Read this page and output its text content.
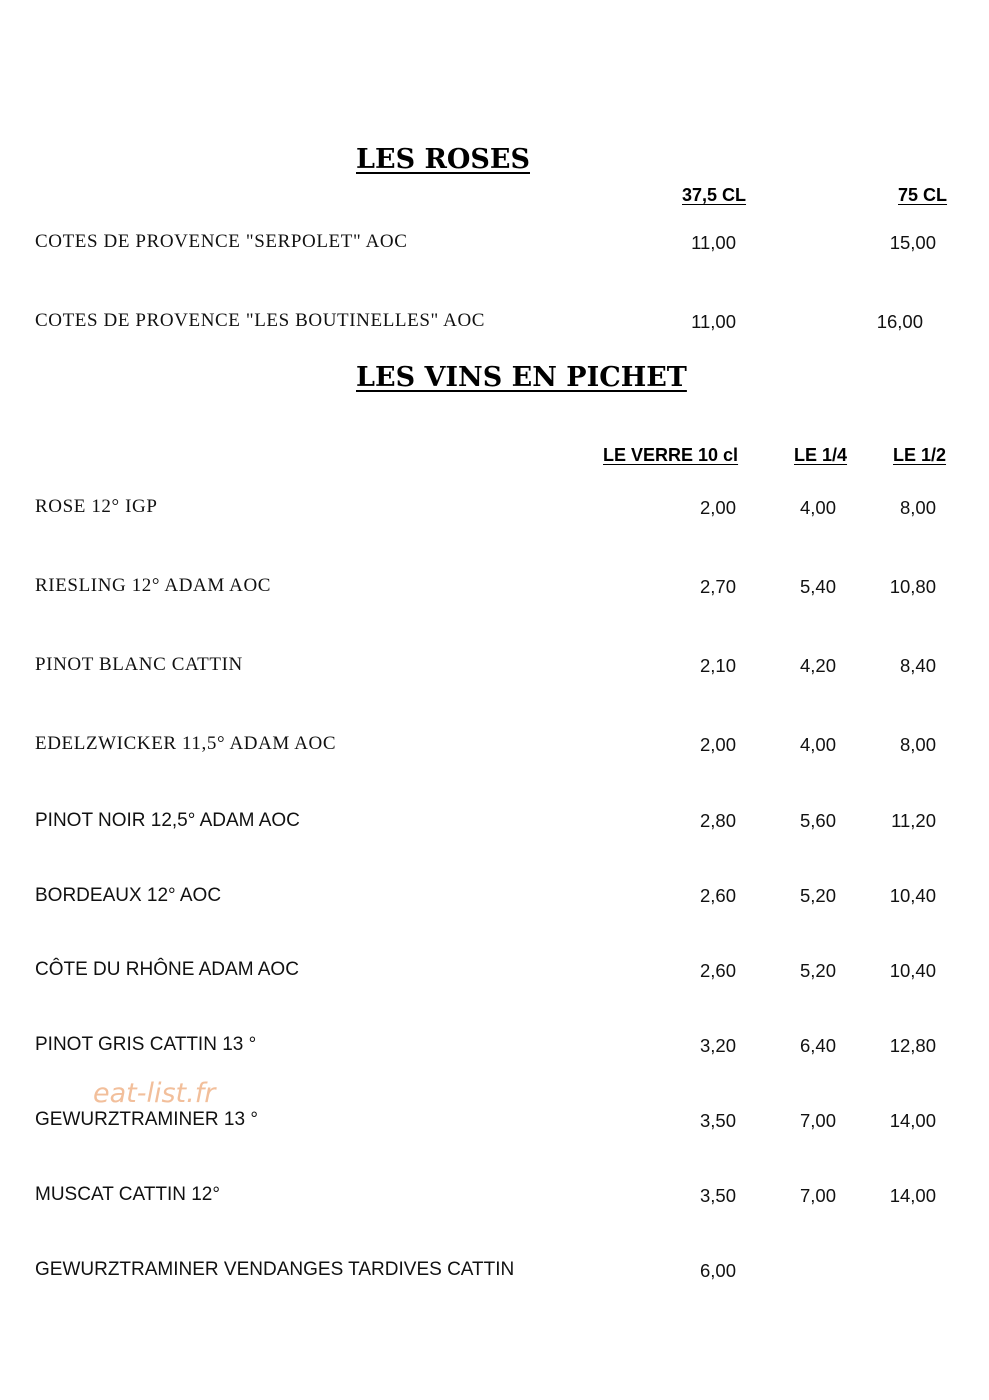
LES ROSES
37,5 CL	75 CL
COTES DE PROVENCE "SERPOLET" AOC	11,00	15,00
COTES DE PROVENCE "LES BOUTINELLES" AOC	11,00	16,00
LES VINS EN PICHET
LE VERRE 10 cl	LE 1/4	LE 1/2
ROSE 12° IGP	2,00	4,00	8,00
RIESLING 12° ADAM AOC	2,70	5,40	10,80
PINOT BLANC CATTIN	2,10	4,20	8,40
EDELZWICKER 11,5° ADAM AOC	2,00	4,00	8,00
PINOT NOIR 12,5° ADAM AOC	2,80	5,60	11,20
BORDEAUX 12° AOC	2,60	5,20	10,40
CÔTE DU RHÔNE ADAM AOC	2,60	5,20	10,40
PINOT GRIS CATTIN 13 °	3,20	6,40	12,80
GEWURZTRAMINER 13 °	3,50	7,00	14,00
MUSCAT CATTIN 12°	3,50	7,00	14,00
GEWURZTRAMINER VENDANGES TARDIVES CATTIN	6,00
eat-list.fr
